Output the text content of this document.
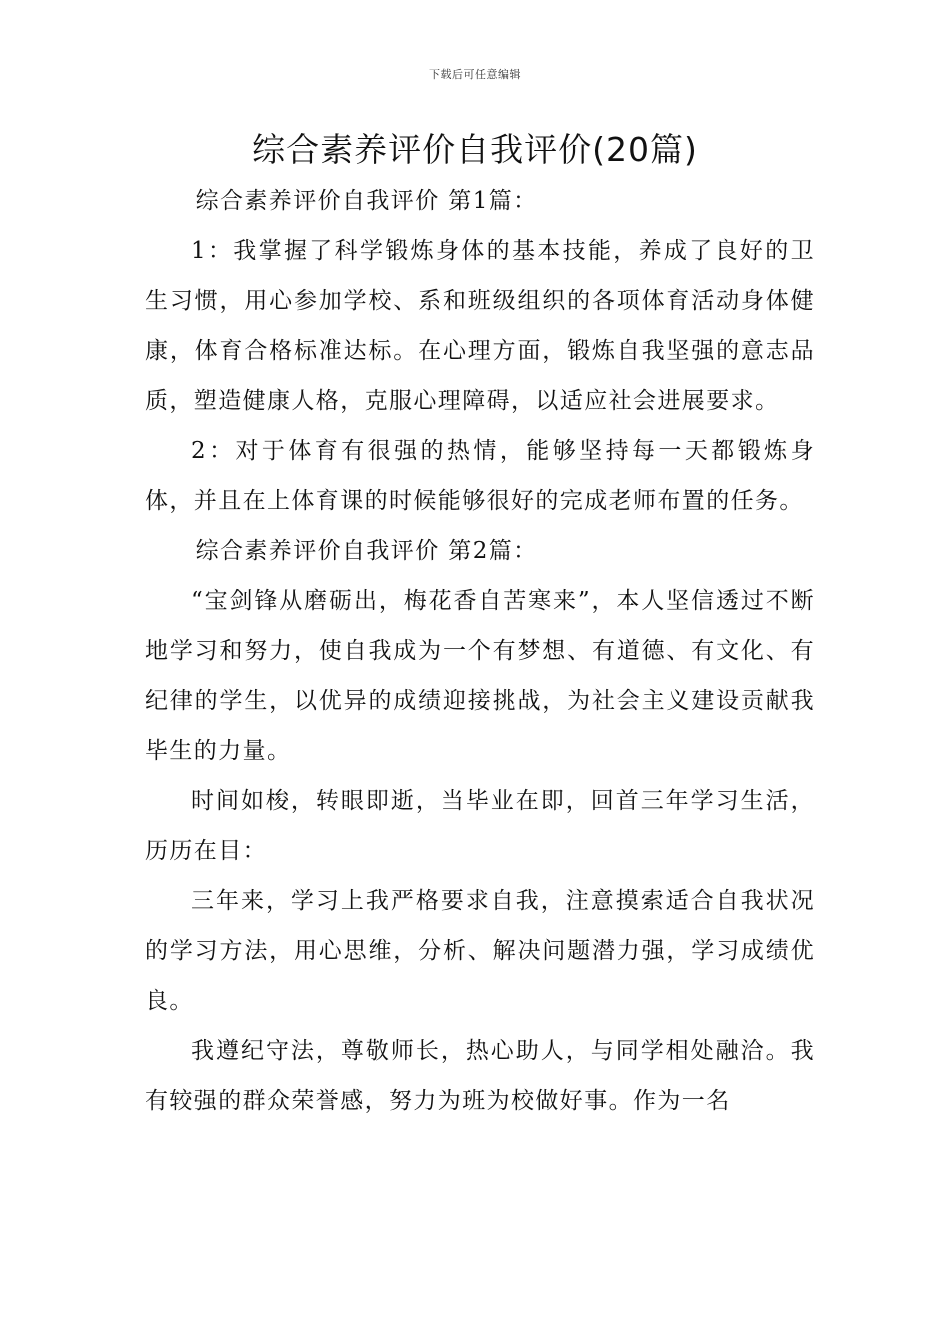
下载后可任意编辑
综合素养评价自我评价(20篇)

综合素养评价自我评价 第1篇：

1：我掌握了科学锻炼身体的基本技能，养成了良好的卫生习惯，用心参加学校、系和班级组织的各项体育活动身体健康，体育合格标准达标。在心理方面，锻炼自我坚强的意志品质，塑造健康人格，克服心理障碍，以适应社会进展要求。

2：对于体育有很强的热情，能够坚持每一天都锻炼身体，并且在上体育课的时候能够很好的完成老师布置的任务。

综合素养评价自我评价 第2篇：

“宝剑锋从磨砺出，梅花香自苦寒来”，本人坚信透过不断地学习和努力，使自我成为一个有梦想、有道德、有文化、有纪律的学生，以优异的成绩迎接挑战，为社会主义建设贡献我毕生的力量。

时间如梭，转眼即逝，当毕业在即，回首三年学习生活，历历在目：

三年来，学习上我严格要求自我，注意摸索适合自我状况的学习方法，用心思维，分析、解决问题潜力强，学习成绩优良。

我遵纪守法，尊敬师长，热心助人，与同学相处融洽。我有较强的群众荣誉感，努力为班为校做好事。作为一名
